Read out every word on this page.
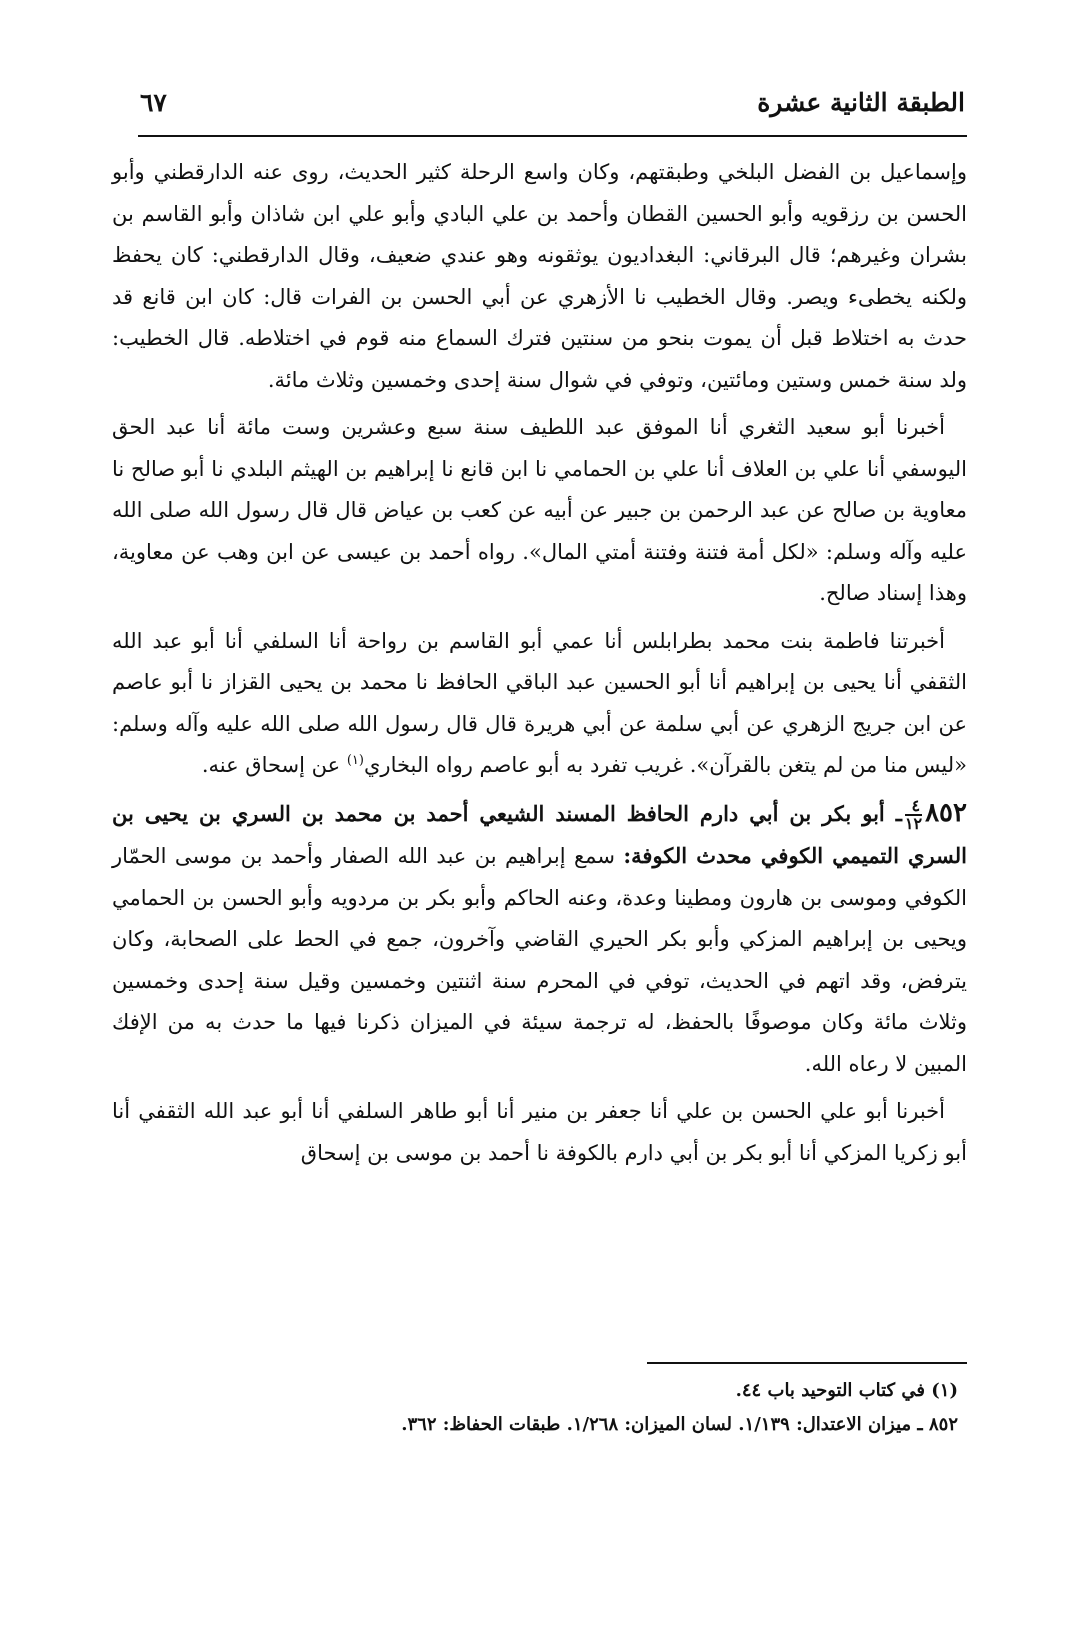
الطبقة الثانية عشرة
٦٧

وإسماعيل بن الفضل البلخي وطبقتهم، وكان واسع الرحلة كثير الحديث، روى عنه الدارقطني وأبو الحسن بن رزقويه وأبو الحسين القطان وأحمد بن علي البادي وأبو علي ابن شاذان وأبو القاسم بن بشران وغيرهم؛ قال البرقاني: البغداديون يوثقونه وهو عندي ضعيف، وقال الدارقطني: كان يحفظ ولكنه يخطىء ويصر. وقال الخطيب نا الأزهري عن أبي الحسن بن الفرات قال: كان ابن قانع قد حدث به اختلاط قبل أن يموت بنحو من سنتين فترك السماع منه قوم في اختلاطه. قال الخطيب: ولد سنة خمس وستين ومائتين، وتوفي في شوال سنة إحدى وخمسين وثلاث مائة.

أخبرنا أبو سعيد الثغري أنا الموفق عبد اللطيف سنة سبع وعشرين وست مائة أنا عبد الحق اليوسفي أنا علي بن العلاف أنا علي بن الحمامي نا ابن قانع نا إبراهيم بن الهيثم البلدي نا أبو صالح نا معاوية بن صالح عن عبد الرحمن بن جبير عن أبيه عن كعب بن عياض قال قال رسول الله صلى الله عليه وآله وسلم: «لكل أمة فتنة وفتنة أمتي المال». رواه أحمد بن عيسى عن ابن وهب عن معاوية، وهذا إسناد صالح.

أخبرتنا فاطمة بنت محمد بطرابلس أنا عمي أبو القاسم بن رواحة أنا السلفي أنا أبو عبد الله الثقفي أنا يحيى بن إبراهيم أنا أبو الحسين عبد الباقي الحافظ نا محمد بن يحيى القزاز نا أبو عاصم عن ابن جريج الزهري عن أبي سلمة عن أبي هريرة قال قال رسول الله صلى الله عليه وآله وسلم: «ليس منا من لم يتغن بالقرآن». غريب تفرد به أبو عاصم رواه البخاري$^{(١)}$ عن إسحاق عنه.

٨٥٢
$\frac{٤}{١٢}$
ـ أبو بكر بن أبي دارم الحافظ المسند الشيعي أحمد بن محمد بن السري بن يحيى بن السري التميمي الكوفي محدث الكوفة: سمع إبراهيم بن عبد الله الصفار وأحمد بن موسى الحمّار الكوفي وموسى بن هارون ومطينا وعدة، وعنه الحاكم وأبو بكر بن مردويه وأبو الحسن بن الحمامي ويحيى بن إبراهيم المزكي وأبو بكر الحيري القاضي وآخرون، جمع في الحط على الصحابة، وكان يترفض، وقد اتهم في الحديث، توفي في المحرم سنة اثنتين وخمسين وقيل سنة إحدى وخمسين وثلاث مائة وكان موصوفًا بالحفظ، له ترجمة سيئة في الميزان ذكرنا فيها ما حدث به من الإفك المبين لا رعاه الله.

أخبرنا أبو علي الحسن بن علي أنا جعفر بن منير أنا أبو طاهر السلفي أنا أبو عبد الله الثقفي أنا أبو زكريا المزكي أنا أبو بكر بن أبي دارم بالكوفة نا أحمد بن موسى بن إسحاق

(١) في كتاب التوحيد باب ٤٤.

٨٥٢ ـ ميزان الاعتدال: ١/١٣٩. لسان الميزان: ١/٢٦٨. طبقات الحفاظ: ٣٦٢.
